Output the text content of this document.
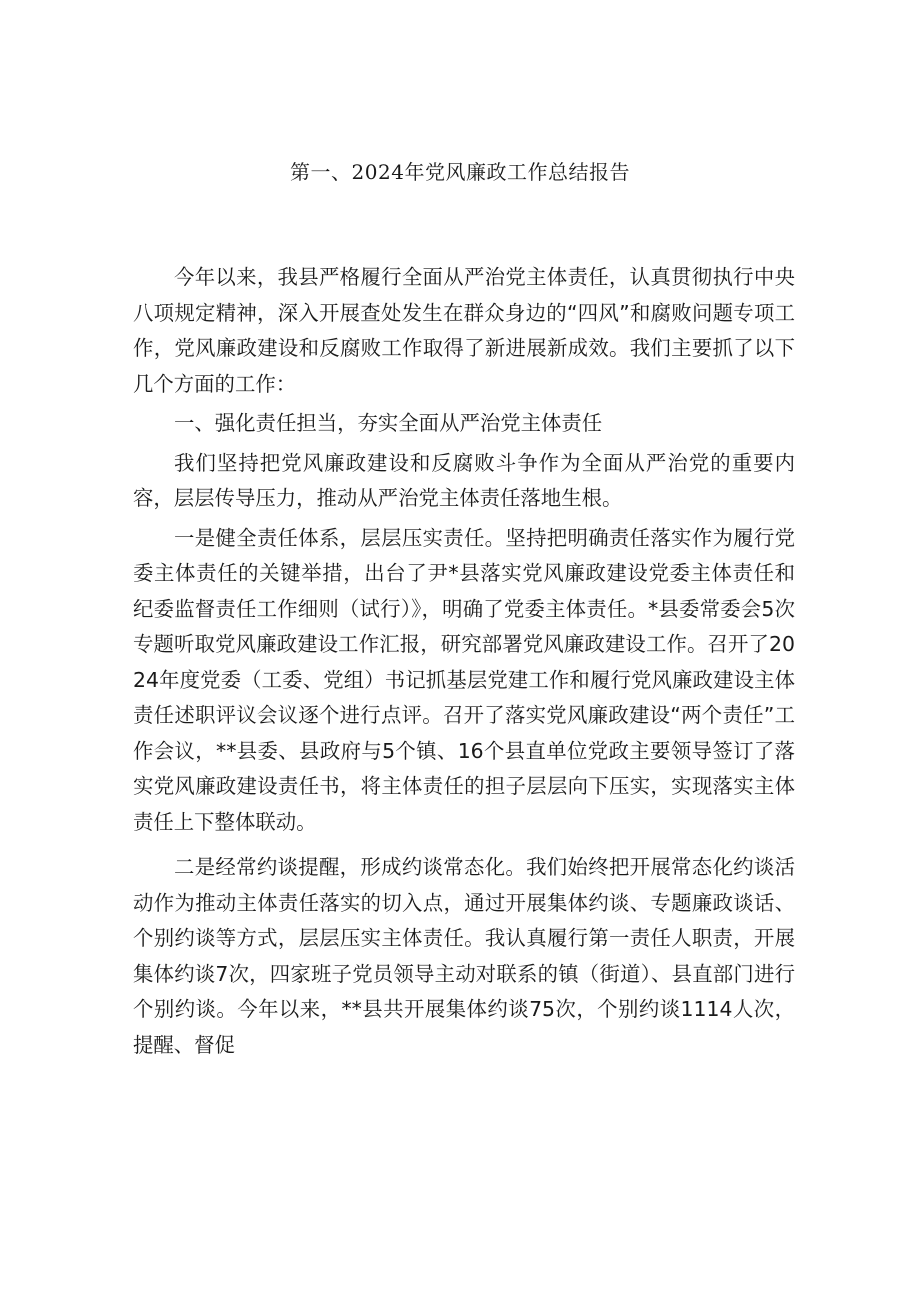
第一、2024年党风廉政工作总结报告

今年以来，我县严格履行全面从严治党主体责任，认真贯彻执行中央八项规定精神，深入开展查处发生在群众身边的“四风”和腐败问题专项工作，党风廉政建设和反腐败工作取得了新进展新成效。我们主要抓了以下几个方面的工作：

一、强化责任担当，夯实全面从严治党主体责任

我们坚持把党风廉政建设和反腐败斗争作为全面从严治党的重要内容，层层传导压力，推动从严治党主体责任落地生根。

一是健全责任体系，层层压实责任。坚持把明确责任落实作为履行党委主体责任的关键举措，出台了尹*县落实党风廉政建设党委主体责任和纪委监督责任工作细则（试行）》，明确了党委主体责任。*县委常委会5次专题听取党风廉政建设工作汇报，研究部署党风廉政建设工作。召开了2024年度党委（工委、党组）书记抓基层党建工作和履行党风廉政建设主体责任述职评议会议逐个进行点评。召开了落实党风廉政建设“两个责任”工作会议，**县委、县政府与5个镇、16个县直单位党政主要领导签订了落实党风廉政建设责任书，将主体责任的担子层层向下压实，实现落实主体责任上下整体联动。

二是经常约谈提醒，形成约谈常态化。我们始终把开展常态化约谈活动作为推动主体责任落实的切入点，通过开展集体约谈、专题廉政谈话、个别约谈等方式，层层压实主体责任。我认真履行第一责任人职责，开展集体约谈7次，四家班子党员领导主动对联系的镇（街道）、县直部门进行个别约谈。今年以来，**县共开展集体约谈75次，个别约谈1114人次，提醒、督促
